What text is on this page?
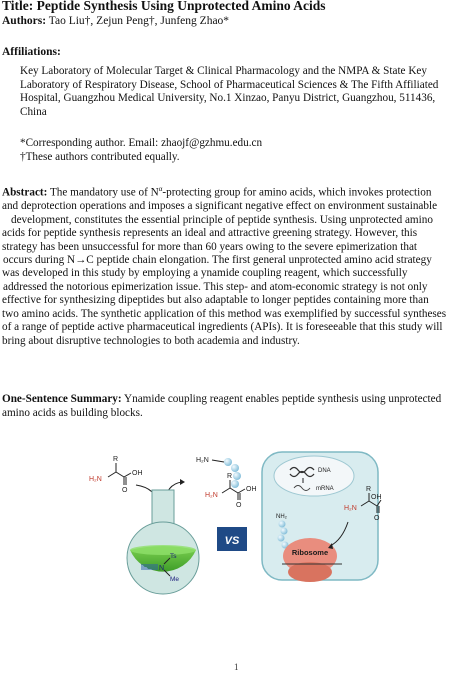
Title: Peptide Synthesis Using Unprotected Amino Acids
Authors: Tao Liu†, Zejun Peng†, Junfeng Zhao*
Affiliations:
Key Laboratory of Molecular Target & Clinical Pharmacology and the NMPA & State Key
Laboratory of Respiratory Disease, School of Pharmaceutical Sciences & The Fifth Affiliated
Hospital, Guangzhou Medical University, No.1 Xinzao, Panyu District, Guangzhou, 511436,
China
*Corresponding author. Email: zhaojf@gzhmu.edu.cn
†These authors contributed equally.
Abstract: The mandatory use of $N^\alpha$-protecting group for amino acids, which invokes protection
and deprotection operations and imposes a significant negative effect on environment sustainable
development, constitutes the essential principle of peptide synthesis. Using unprotected amino
acids for peptide synthesis represents an ideal and attractive greening strategy. However, this
strategy has been unsuccessful for more than 60 years owing to the severe epimerization that
occurs during N→C peptide chain elongation. The first general unprotected amino acid strategy
was developed in this study by employing a ynamide coupling reagent, which successfully
addressed the notorious epimerization issue. This step- and atom-economic strategy is not only
effective for synthesizing dipeptides but also adaptable to longer peptides containing more than
two amino acids. The synthetic application of this method was exemplified by successful syntheses
of a range of peptide active pharmaceutical ingredients (APIs). It is foreseeable that this study will
bring about disruptive technologies to both academia and industry.
One-Sentence Summary: Ynamide coupling reagent enables peptide synthesis using unprotected
amino acids as building blocks.
H₂N
R
O
OH
N
Ts
Me
H₂N
R
O
OH
H₂N
VS
DNA
mRNA
NH₂
Ribosome
H₂N
R
O
OH
1
